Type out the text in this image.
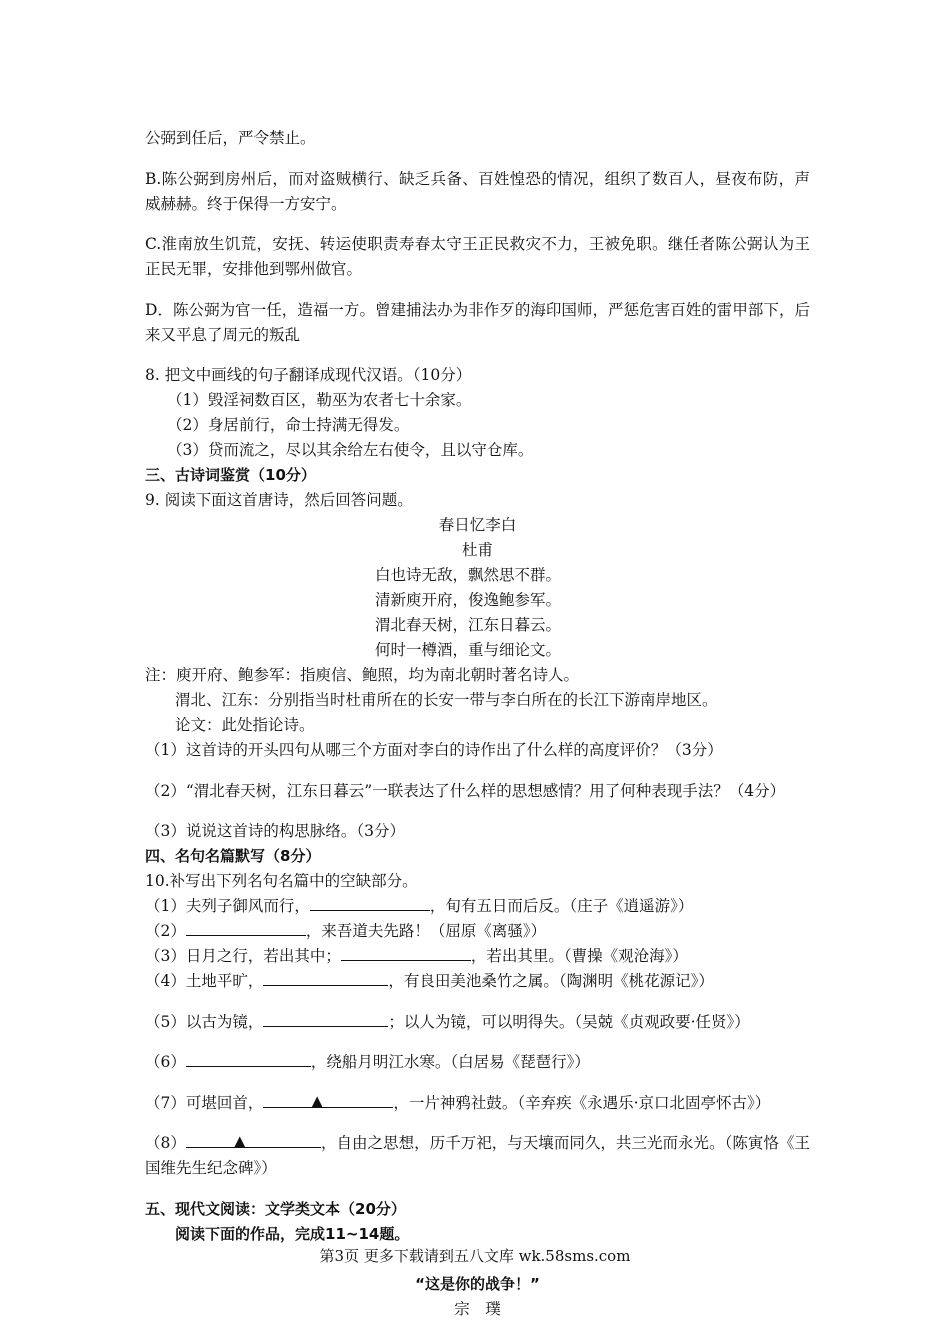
公弼到任后，严令禁止。

B.陈公弼到房州后，而对盗贼横行、缺乏兵备、百姓惶恐的情况，组织了数百人，昼夜布防，声威赫赫。终于保得一方安宁。

C.淮南放生饥荒，安抚、转运使职责寿春太守王正民救灾不力，王被免职。继任者陈公弼认为王正民无罪，安排他到鄂州做官。

D．陈公弼为官一任，造福一方。曾建捕法办为非作歹的海印国师，严惩危害百姓的雷甲部下，后来又平息了周元的叛乱

8. 把文中画线的句子翻译成现代汉语。（10分）

（1）毁淫祠数百区，勒巫为农者七十余家。

（2）身居前行，命士持满无得发。

（3）贷而流之，尽以其余给左右使令，且以守仓库。

三、古诗词鉴赏（10分）

9. 阅读下面这首唐诗，然后回答问题。

春日忆李白

杜甫

白也诗无敌，飘然思不群。

清新庾开府，俊逸鲍参军。

渭北春天树，江东日暮云。

何时一樽酒，重与细论文。

注：庾开府、鲍参军：指庾信、鲍照，均为南北朝时著名诗人。

渭北、江东：分别指当时杜甫所在的长安一带与李白所在的长江下游南岸地区。

论文：此处指论诗。

（1）这首诗的开头四句从哪三个方面对李白的诗作出了什么样的高度评价？（3分）

（2）“渭北春天树，江东日暮云”一联表达了什么样的思想感情？用了何种表现手法？（4分）

（3）说说这首诗的构思脉络。（3分）

四、名句名篇默写（8分）

10.补写出下列名句名篇中的空缺部分。

（1）夫列子御风而行，	，旬有五日而后反。（庄子《逍遥游》）

（2）	，来吾道夫先路！（屈原《离骚》）

（3）日月之行，若出其中；	，若出其里。（曹操《观沧海》）

（4）土地平旷，	，有良田美池桑竹之属。（陶渊明《桃花源记》）

（5）以古为镜，	；以人为镜，可以明得失。（吴兢《贞观政要·任贤》）

（6）	，绕船月明江水寒。（白居易《琵琶行》）

（7）可堪回首，	▲	，一片神鸦社鼓。（辛弃疾《永遇乐·京口北固亭怀古》）

（8）	▲	，自由之思想，历千万祀，与天壤而同久，共三光而永光。（陈寅恪《王国维先生纪念碑》）

五、现代文阅读：文学类文本（20分）

阅读下面的作品，完成11~14题。

“这是你的战争！”

宗　璞

第3页 更多下载请到五八文库 wk.58sms.com
